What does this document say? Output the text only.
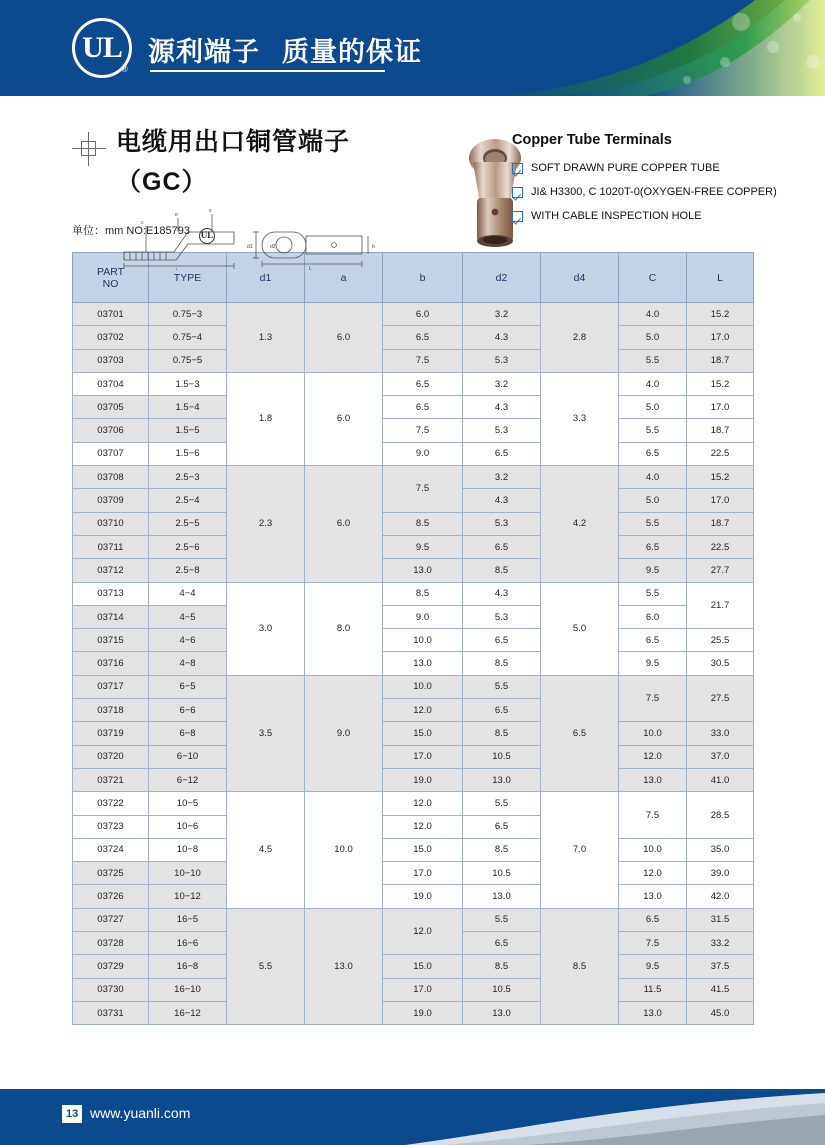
UL
®
源利端子 质量的保证
电缆用出口铜管端子
（GC）
c
e
s
d1	d2	b
L
Copper Tube Terminals
SOFT DRAWN PURE COPPER TUBE
JI& H3300, C 1020T-0(OXYGEN-FREE COPPER)
WITH CABLE INSPECTION HOLE
单位：mm NO:E185793 UL
PART
NO	TYPE	d1	a	b	d2	d4	C	L
03701	0.75−3	1.3	6.0	6.0	3.2	2.8	4.0	15.2
03702	0.75−4			6.5	4.3		5.0	17.0
03703	0.75−5			7.5	5.3		5.5	18.7
03704	1.5−3	1.8	6.0	6.5	3.2	3.3	4.0	15.2
03705	1.5−4			6.5	4.3		5.0	17.0
03706	1.5−5			7.5	5.3		5.5	18.7
03707	1.5−6			9.0	6.5		6.5	22.5
03708	2.5−3	2.3	6.0	7.5	3.2	4.2	4.0	15.2
03709	2.5−4				4.3		5.0	17.0
03710	2.5−5			8.5	5.3		5.5	18.7
03711	2.5−6			9.5	6.5		6.5	22.5
03712	2.5−8			13.0	8.5		9.5	27.7
03713	4−4	3.0	8.0	8.5	4.3	5.0	5.5	21.7
03714	4−5			9.0	5.3		6.0	
03715	4−6			10.0	6.5		6.5	25.5
03716	4−8			13.0	8.5		9.5	30.5
03717	6−5	3.5	9.0	10.0	5.5	6.5	7.5	27.5
03718	6−6			12.0	6.5			
03719	6−8			15.0	8.5		10.0	33.0
03720	6−10			17.0	10.5		12.0	37.0
03721	6−12			19.0	13.0		13.0	41.0
03722	10−5	4.5	10.0	12.0	5.5	7.0	7.5	28.5
03723	10−6			12.0	6.5			
03724	10−8			15.0	8.5		10.0	35.0
03725	10−10			17.0	10.5		12.0	39.0
03726	10−12			19.0	13.0		13.0	42.0
03727	16−5	5.5	13.0	12.0	5.5	8.5	6.5	31.5
03728	16−6				6.5		7.5	33.2
03729	16−8			15.0	8.5		9.5	37.5
03730	16−10			17.0	10.5		11.5	41.5
03731	16−12			19.0	13.0		13.0	45.0
13 www.yuanli.com
